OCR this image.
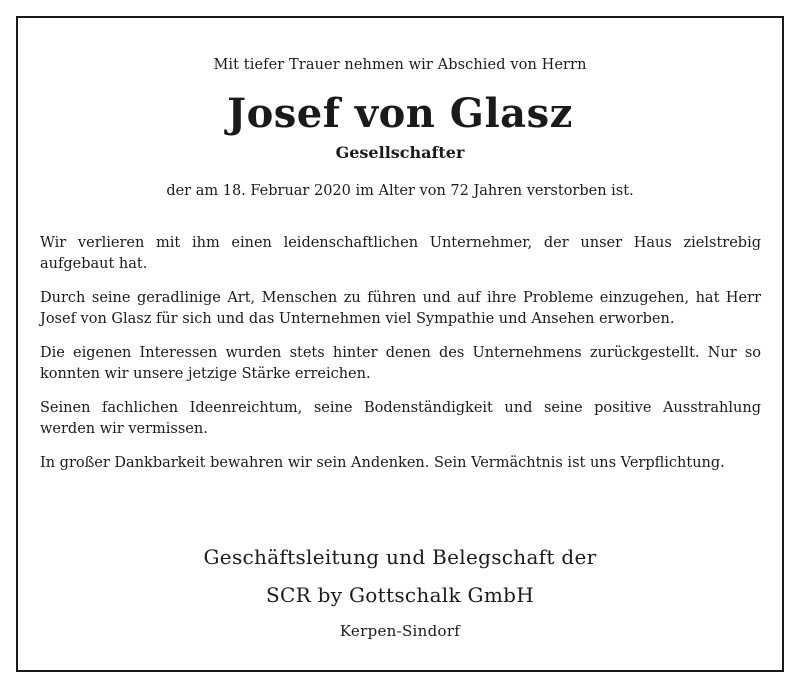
Mit tiefer Trauer nehmen wir Abschied von Herrn
Josef von Glasz
Gesellschafter
der am 18. Februar 2020 im Alter von 72 Jahren verstorben ist.

Wir verlieren mit ihm einen leidenschaftlichen Unternehmer, der unser Haus zielstrebig aufgebaut hat.

Durch seine geradlinige Art, Menschen zu führen und auf ihre Probleme einzugehen, hat Herr Josef von Glasz für sich und das Unternehmen viel Sympathie und Ansehen erworben.

Die eigenen Interessen wurden stets hinter denen des Unternehmens zurückgestellt. Nur so konnten wir unsere jetzige Stärke erreichen.

Seinen fachlichen Ideenreichtum, seine Bodenständigkeit und seine positive Ausstrahlung werden wir vermissen.

In großer Dankbarkeit bewahren wir sein Andenken. Sein Vermächtnis ist uns Verpflichtung.

Geschäftsleitung und Belegschaft der
SCR by Gottschalk GmbH
Kerpen-Sindorf
